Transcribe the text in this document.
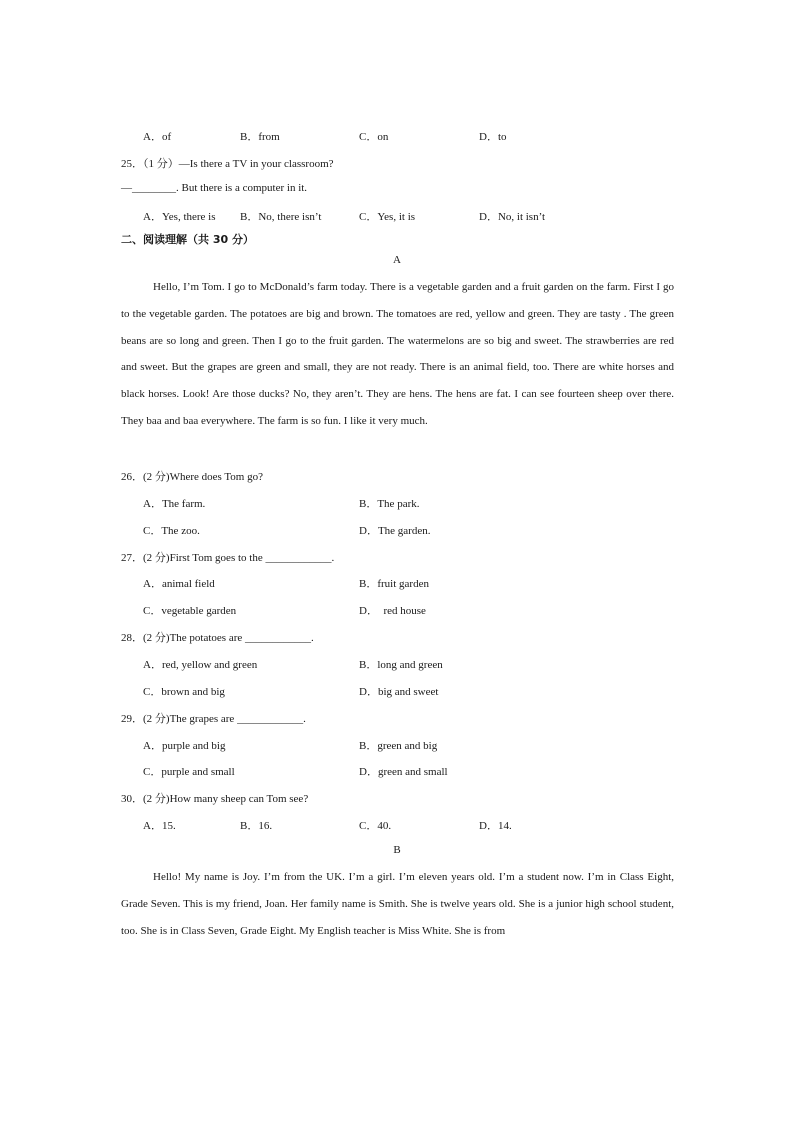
A．of	B．from	C．on	D．to
25．（1 分）—Is there a TV in your classroom?
—________. But there is a computer in it.
A．Yes, there is B．No, there isn’t	C．Yes, it is	D．No, it isn’t
二、阅读理解（共 30 分）
A
Hello, I’m Tom. I go to McDonald’s farm today. There is a vegetable garden and a fruit garden on the farm. First I go to the vegetable garden. The potatoes are big and brown. The tomatoes are red, yellow and green. They are tasty . The green beans are so long and green. Then I go to the fruit garden. The watermelons are so big and sweet. The strawberries are red and sweet. But the grapes are green and small, they are not ready. There is an animal field, too. There are white horses and black horses. Look! Are those ducks? No, they aren’t. They are hens. The hens are fat. I can see fourteen sheep over there. They baa and baa everywhere. The farm is so fun. I like it very much.
26．(2 分)Where does Tom go?
A．The farm.	B．The park.
C．The zoo.	D．The garden.
27．(2 分)First Tom goes to the ____________.
A．animal field	B．fruit garden
C．vegetable garden	D．  red house
28．(2 分)The potatoes are ____________.
A．red, yellow and green	B．long and green
C．brown and big	D．big and sweet
29．(2 分)The grapes are ____________.
A．purple and big	B．green and big
C．purple and small	D．green and small
30．(2 分)How many sheep can Tom see?
A．15.	B．16.	C．40.	D．14.
B
Hello! My name is Joy. I’m from the UK. I’m a girl. I’m eleven years old. I’m a student now. I’m in Class Eight, Grade Seven. This is my friend, Joan. Her family name is Smith. She is twelve years old. She is a junior high school student, too. She is in Class Seven, Grade Eight. My English teacher is Miss White. She is from
